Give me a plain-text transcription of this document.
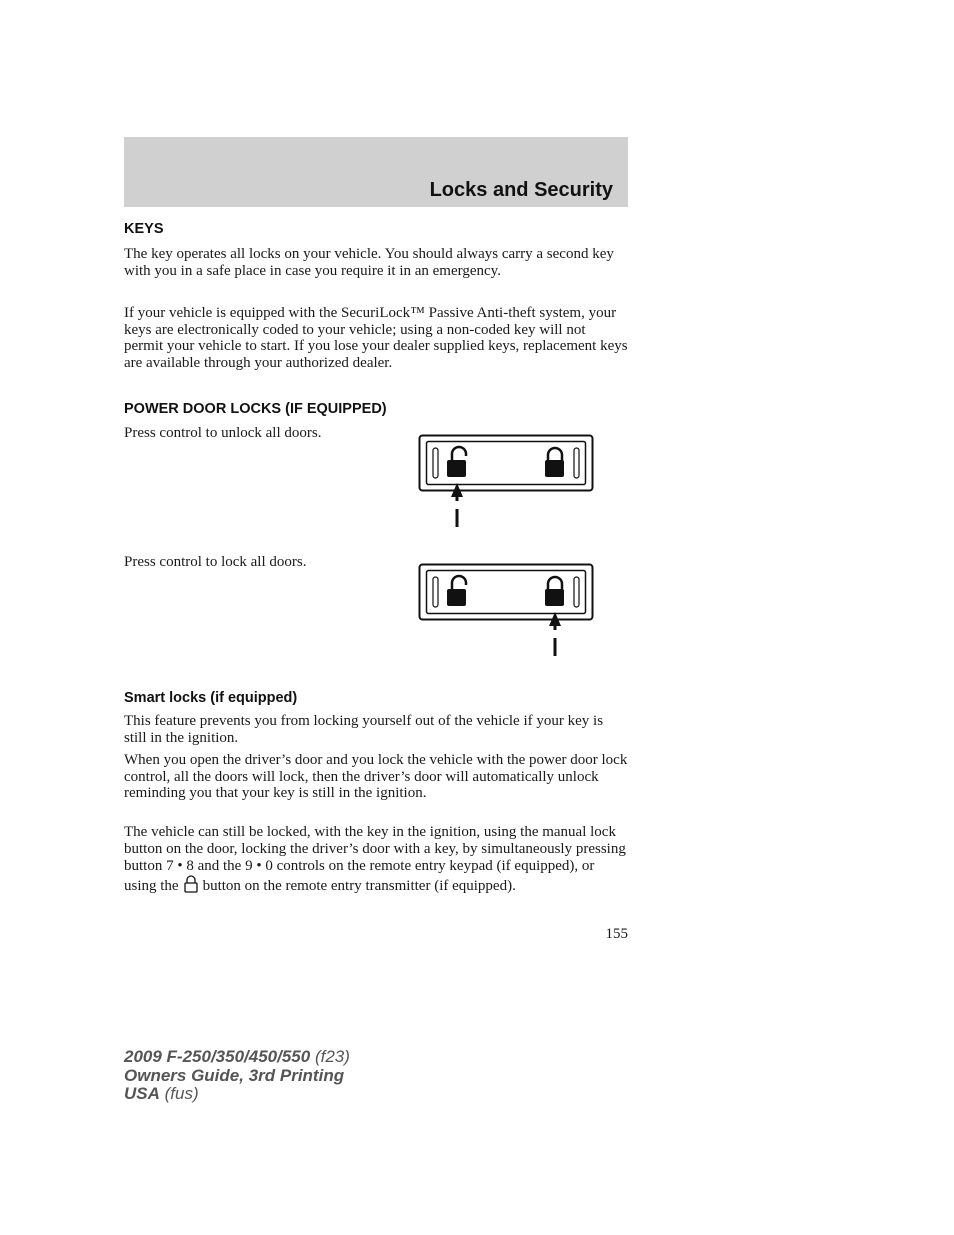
Locks and Security
KEYS

The key operates all locks on your vehicle. You should always carry a second key with you in a safe place in case you require it in an emergency.

If your vehicle is equipped with the SecuriLock™ Passive Anti-theft system, your keys are electronically coded to your vehicle; using a non-coded key will not permit your vehicle to start. If you lose your dealer supplied keys, replacement keys are available through your authorized dealer.

POWER DOOR LOCKS (IF EQUIPPED)

Press control to unlock all doors.

Press control to lock all doors.

Smart locks (if equipped)

This feature prevents you from locking yourself out of the vehicle if your key is still in the ignition.

When you open the driver’s door and you lock the vehicle with the power door lock control, all the doors will lock, then the driver’s door will automatically unlock reminding you that your key is still in the ignition.

The vehicle can still be locked, with the key in the ignition, using the manual lock button on the door, locking the driver’s door with a key, by simultaneously pressing button 7 • 8 and the 9 • 0 controls on the remote entry keypad (if equipped), or using the button on the remote entry transmitter (if equipped).

155
2009 F-250/350/450/550 (f23)
Owners Guide, 3rd Printing
USA (fus)
